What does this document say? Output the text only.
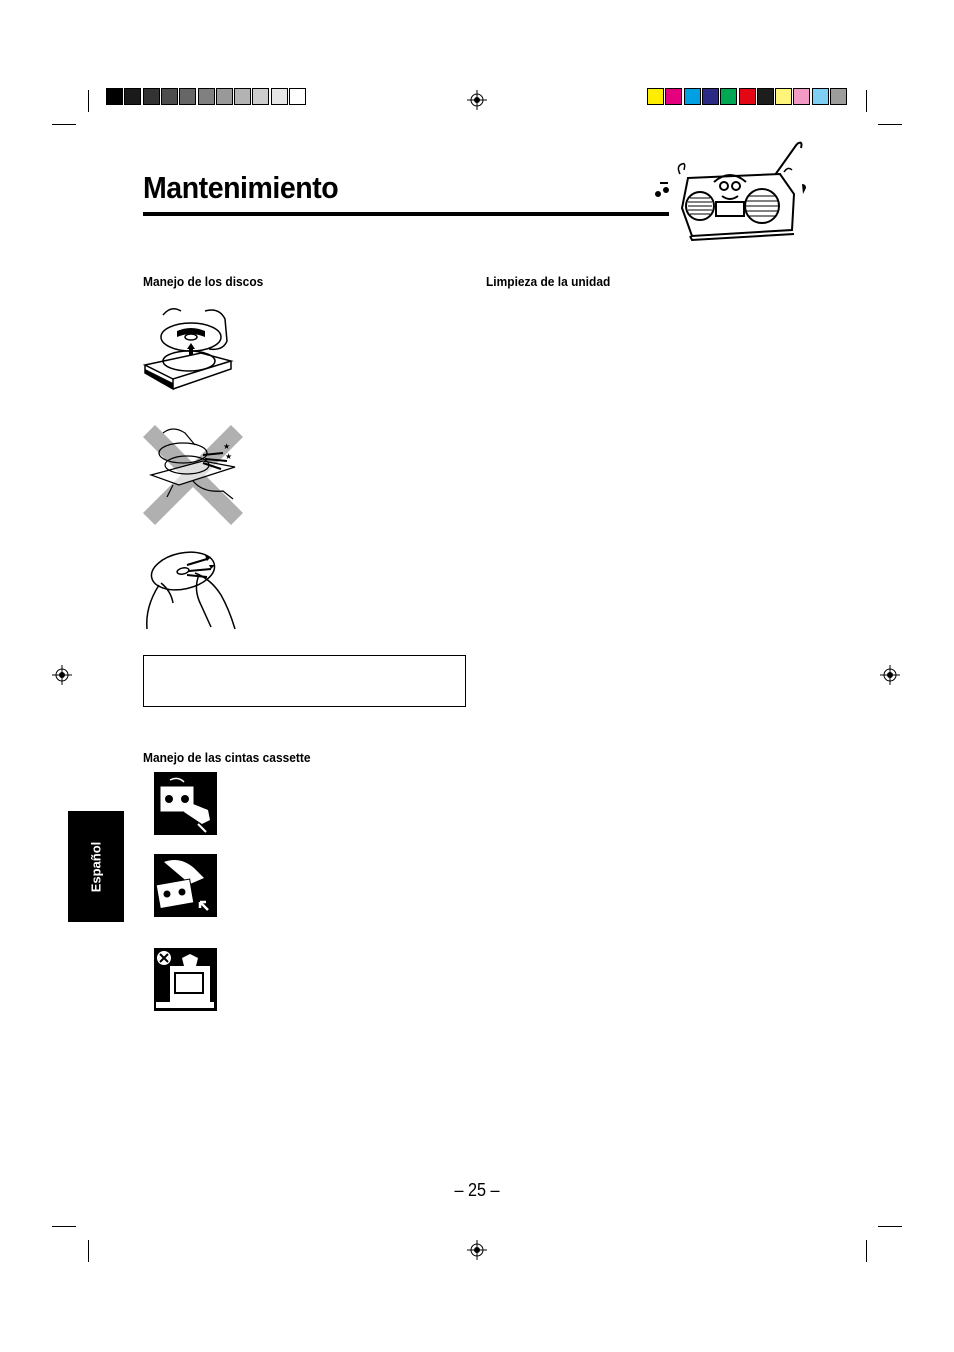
Mantenimiento
Manejo de los discos	Limpieza de la unidad
Manejo de las cintas cassette
★
★
Español
– 25 –
